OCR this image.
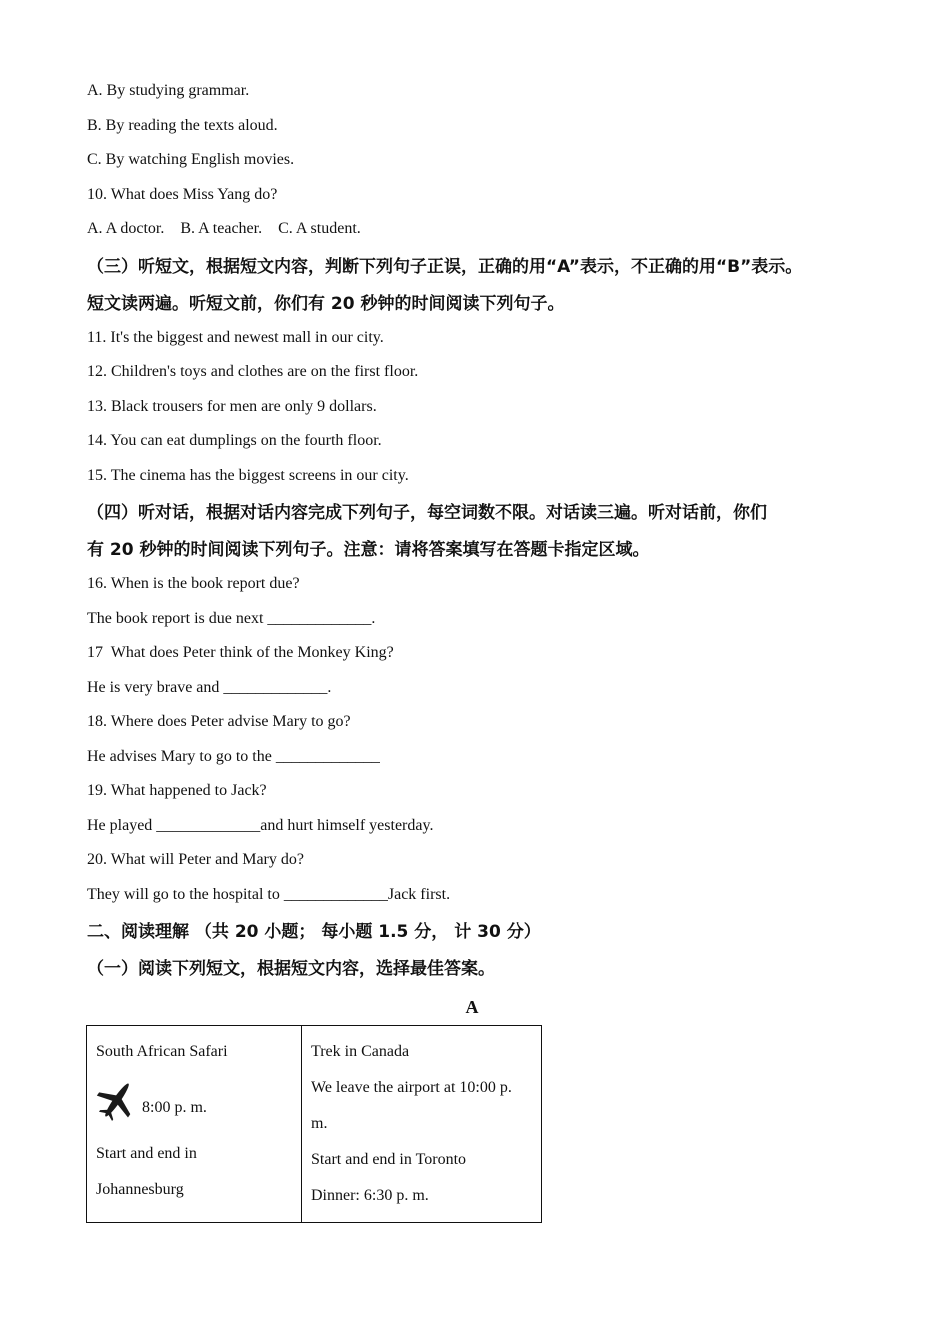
A. By studying grammar.
B. By reading the texts aloud.
C. By watching English movies.
10. What does Miss Yang do?
A. A doctor.    B. A teacher.    C. A student.
（三）听短文，根据短文内容，判断下列句子正误，正确的用“A”表示，不正确的用“B”表示。
短文读两遍。听短文前，你们有 20 秒钟的时间阅读下列句子。
11. It's the biggest and newest mall in our city.
12. Children's toys and clothes are on the first floor.
13. Black trousers for men are only 9 dollars.
14. You can eat dumplings on the fourth floor.
15. The cinema has the biggest screens in our city.
（四）听对话，根据对话内容完成下列句子，每空词数不限。对话读三遍。听对话前，你们
有 20 秒钟的时间阅读下列句子。注意：请将答案填写在答题卡指定区域。
16. When is the book report due?
The book report is due next _____________.
17  What does Peter think of the Monkey King?
He is very brave and _____________.
18. Where does Peter advise Mary to go?
He advises Mary to go to the _____________
19. What happened to Jack?
He played _____________and hurt himself yesterday.
20. What will Peter and Mary do?
They will go to the hospital to _____________Jack first.
二、阅读理解 （共 20 小题； 每小题 1.5 分， 计 30 分）
（一）阅读下列短文，根据短文内容，选择最佳答案。
A
South African Safari
8:00 p. m.
Start and end in
Johannesburg

Trek in Canada
We leave the airport at 10:00 p.
m.
Start and end in Toronto
Dinner: 6:30 p. m.
